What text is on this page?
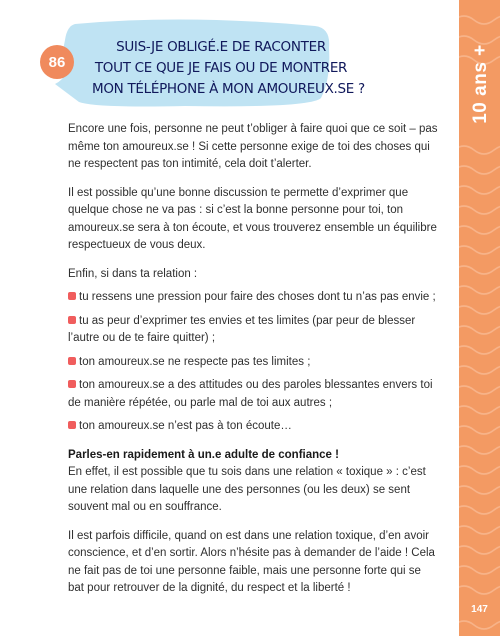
10 ans +
147
86
SUIS-JE OBLIGÉ.E DE RACONTER
TOUT CE QUE JE FAIS OU DE MONTRER
MON TÉLÉPHONE À MON AMOUREUX.SE ?

Encore une fois, personne ne peut t’obliger à faire quoi que ce soit – pas même ton amoureux.se ! Si cette personne exige de toi des choses qui ne respectent pas ton intimité, cela doit t’alerter.

Il est possible qu’une bonne discussion te permette d’exprimer que quelque chose ne va pas : si c’est la bonne personne pour toi, ton amoureux.se sera à ton écoute, et vous trouverez ensemble un équilibre respectueux de vous deux.

Enfin, si dans ta relation :

tu ressens une pression pour faire des choses dont tu n’as pas envie ;
tu as peur d’exprimer tes envies et tes limites (par peur de blesser l’autre ou de te faire quitter) ;
ton amoureux.se ne respecte pas tes limites ;
ton amoureux.se a des attitudes ou des paroles blessantes envers toi de manière répétée, ou parle mal de toi aux autres ;
ton amoureux.se n’est pas à ton écoute…

Parles-en rapidement à un.e adulte de confiance !
En effet, il est possible que tu sois dans une relation « toxique » : c’est une relation dans laquelle une des personnes (ou les deux) se sent souvent mal ou en souffrance.

Il est parfois difficile, quand on est dans une relation toxique, d’en avoir conscience, et d’en sortir. Alors n’hésite pas à demander de l’aide ! Cela ne fait pas de toi une personne faible, mais une personne forte qui se bat pour retrouver de la dignité, du respect et la liberté !
